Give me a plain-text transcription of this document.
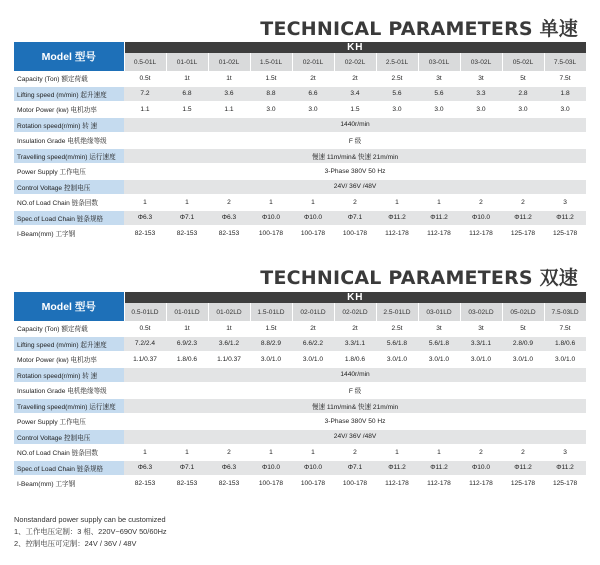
TECHNICAL PARAMETERS 单速
Model 型号	KH										
	0.5-01L	01-01L	01-02L	1.5-01L	02-01L	02-02L	2.5-01L	03-01L	03-02L	05-02L	7.5-03L
Capacity (Ton) 额定荷载	0.5t	1t	1t	1.5t	2t	2t	2.5t	3t	3t	5t	7.5t
Lifting speed (m/min) 起升速度	7.2	6.8	3.6	8.8	6.6	3.4	5.6	5.6	3.3	2.8	1.8
Motor Power (kw) 电机功率	1.1	1.5	1.1	3.0	3.0	1.5	3.0	3.0	3.0	3.0	3.0
Rotation speed(r/min) 转 速	1440r/min										
Insulation Grade 电机绝缘等级	F 级										
Travelling speed(m/min) 运行速度	慢速 11m/min& 快速 21m/min										
Power Supply 工作电压	3-Phase 380V 50 Hz										
Control Voltage 控制电压	24V/ 36V /48V										
NO.of Load Chain 链条回数	1	1	2	1	1	2	1	1	2	2	3
Spec.of Load Chain 链条规格	Φ6.3	Φ7.1	Φ6.3	Φ10.0	Φ10.0	Φ7.1	Φ11.2	Φ11.2	Φ10.0	Φ11.2	Φ11.2
I-Beam(mm) 工字钢	82-153	82-153	82-153	100-178	100-178	100-178	112-178	112-178	112-178	125-178	125-178
TECHNICAL PARAMETERS 双速
Model 型号	KH										
	0.5-01LD	01-01LD	01-02LD	1.5-01LD	02-01LD	02-02LD	2.5-01LD	03-01LD	03-02LD	05-02LD	7.5-03LD
Capacity (Ton) 额定荷载	0.5t	1t	1t	1.5t	2t	2t	2.5t	3t	3t	5t	7.5t
Lifting speed (m/min) 起升速度	7.2/2.4	6.9/2.3	3.6/1.2	8.8/2.9	6.6/2.2	3.3/1.1	5.6/1.8	5.6/1.8	3.3/1.1	2.8/0.9	1.8/0.6
Motor Power (kw) 电机功率	1.1/0.37	1.8/0.6	1.1/0.37	3.0/1.0	3.0/1.0	1.8/0.6	3.0/1.0	3.0/1.0	3.0/1.0	3.0/1.0	3.0/1.0
Rotation speed(r/min) 转 速	1440r/min										
Insulation Grade 电机绝缘等级	F 级										
Travelling speed(m/min) 运行速度	慢速 11m/min& 快速 21m/min										
Power Supply 工作电压	3-Phase 380V 50 Hz										
Control Voltage 控制电压	24V/ 36V /48V										
NO.of Load Chain 链条回数	1	1	2	1	1	2	1	1	2	2	3
Spec.of Load Chain 链条规格	Φ6.3	Φ7.1	Φ6.3	Φ10.0	Φ10.0	Φ7.1	Φ11.2	Φ11.2	Φ10.0	Φ11.2	Φ11.2
I-Beam(mm) 工字钢	82-153	82-153	82-153	100-178	100-178	100-178	112-178	112-178	112-178	125-178	125-178
Nonstandard power supply can be customized
1、工作电压定制：3 相、220V~690V 50/60Hz
2、控制电压可定制：24V / 36V / 48V
